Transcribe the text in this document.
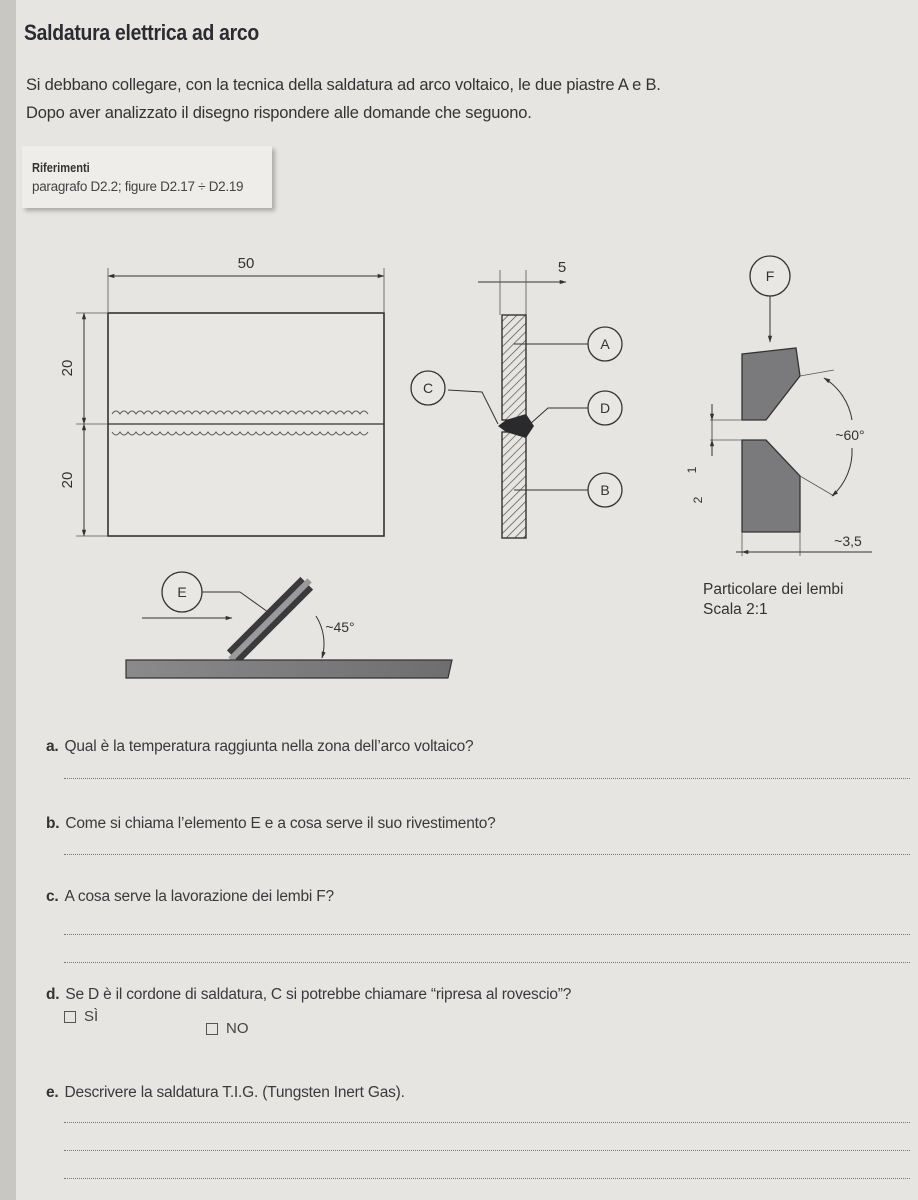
Saldatura elettrica ad arco
Si debbano collegare, con la tecnica della saldatura ad arco voltaico, le due piastre A e B.
Dopo aver analizzato il disegno rispondere alle domande che seguono.
Riferimenti
paragrafo D2.2; figure D2.17 ÷ D2.19
50
20
20
5
A
C
D
B
E
~45°
F
1
2
~60°
~3,5
Particolare dei lembi
Scala 2:1
a. Qual è la temperatura raggiunta nella zona dell’arco voltaico?
b. Come si chiama l’elemento E e a cosa serve il suo rivestimento?
c. A cosa serve la lavorazione dei lembi F?
d. Se D è il cordone di saldatura, C si potrebbe chiamare “ripresa al rovescio”?
SÌ
NO
e. Descrivere la saldatura T.I.G. (Tungsten Inert Gas).
